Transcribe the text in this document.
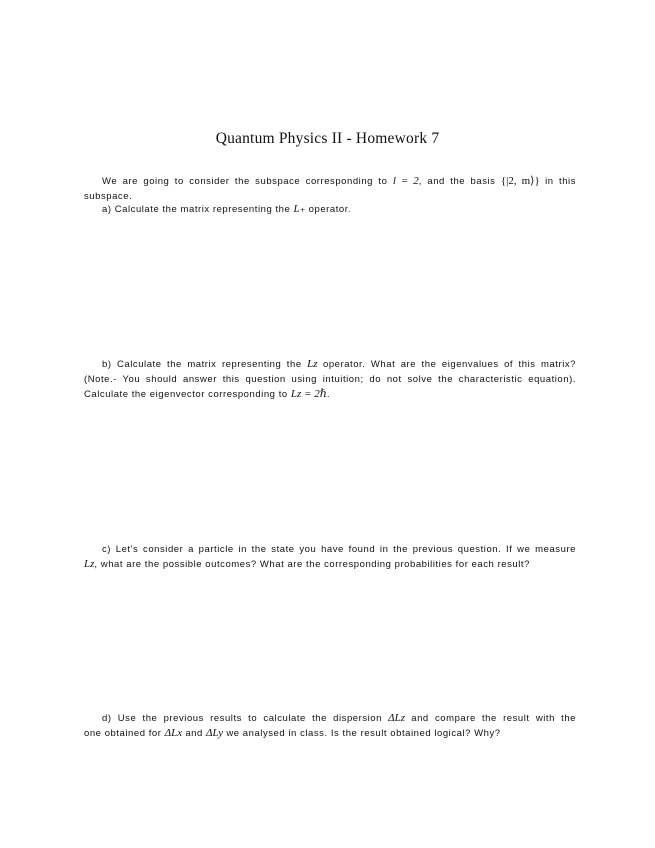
Quantum Physics II - Homework 7
We are going to consider the subspace corresponding to l = 2, and the basis {|2, m⟩} in this
subspace.
a) Calculate the matrix representing the L₊ operator.
b) Calculate the matrix representing the Lz operator. What are the eigenvalues of this matrix?
(Note.- You should answer this question using intuition; do not solve the characteristic equation).
Calculate the eigenvector corresponding to Lz = 2ℏ.
c) Let's consider a particle in the state you have found in the previous question. If we measure
Lz, what are the possible outcomes? What are the corresponding probabilities for each result?
d) Use the previous results to calculate the dispersion ΔLz and compare the result with the
one obtained for ΔLx and ΔLy we analysed in class. Is the result obtained logical? Why?
